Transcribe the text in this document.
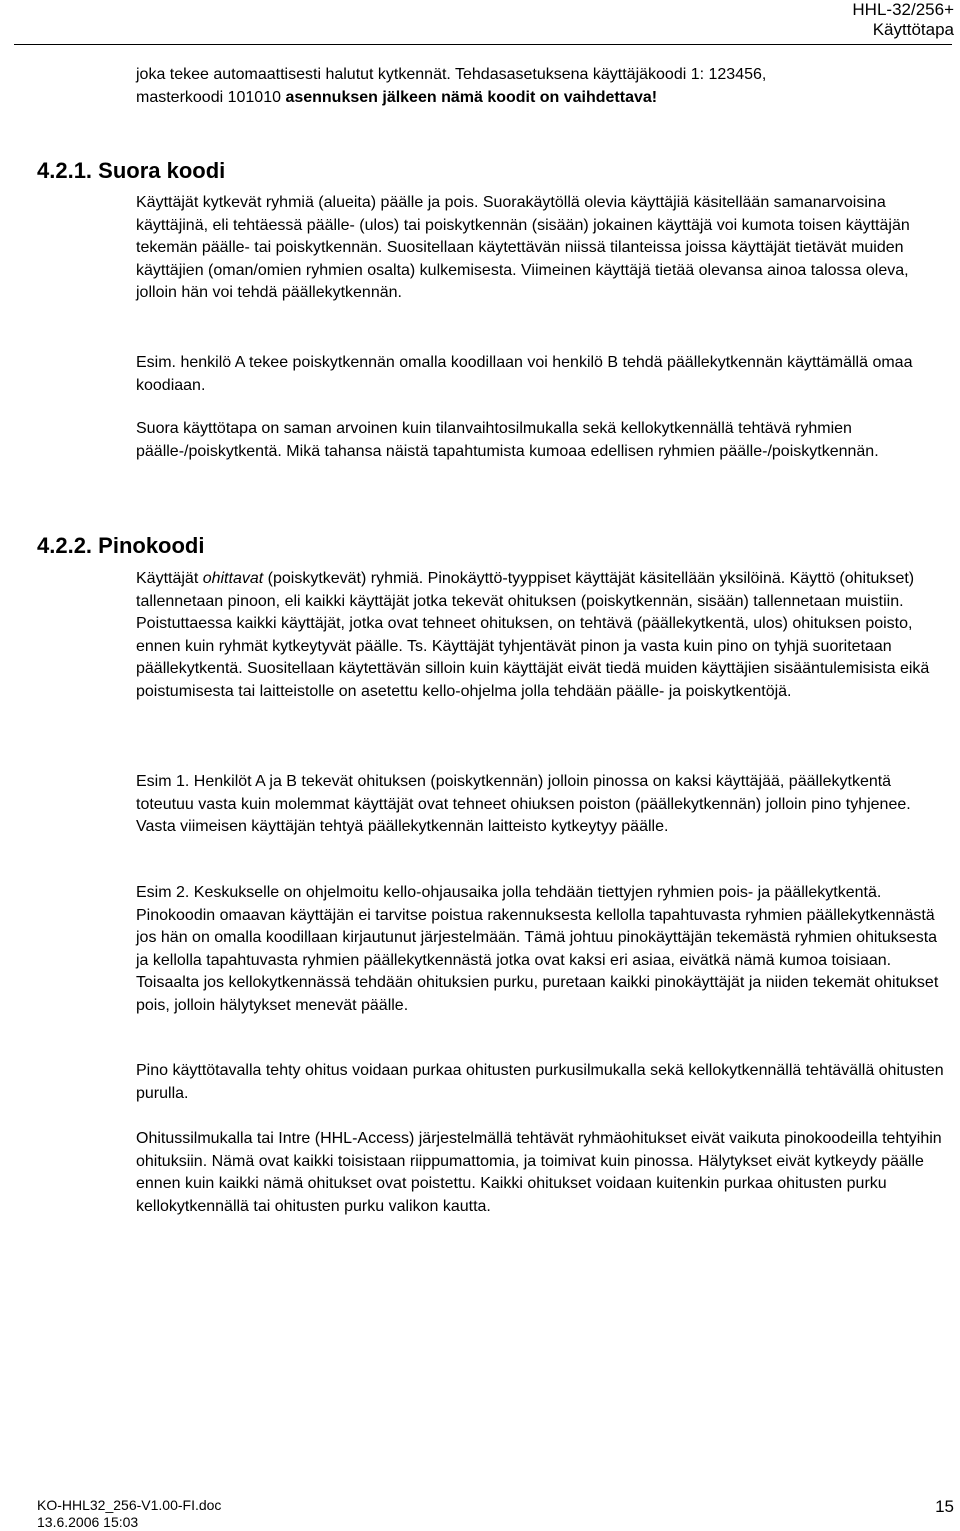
HHL-32/256+
Käyttötapa
joka tekee automaattisesti halutut kytkennät. Tehdasasetuksena käyttäjäkoodi 1: 123456,
masterkoodi 101010 asennuksen jälkeen nämä koodit on vaihdettava!
4.2.1. Suora koodi
Käyttäjät kytkevät ryhmiä (alueita) päälle ja pois. Suorakäytöllä olevia käyttäjiä käsitellään samanarvoisina käyttäjinä, eli tehtäessä päälle- (ulos) tai poiskytkennän (sisään) jokainen käyttäjä voi kumota toisen käyttäjän tekemän päälle- tai poiskytkennän. Suositellaan käytettävän niissä tilanteissa joissa käyttäjät tietävät muiden käyttäjien (oman/omien ryhmien osalta) kulkemisesta. Viimeinen käyttäjä tietää olevansa ainoa talossa oleva, jolloin hän voi tehdä päällekytkennän.
Esim. henkilö A tekee poiskytkennän omalla koodillaan voi henkilö B tehdä päällekytkennän käyttämällä omaa koodiaan.
Suora käyttötapa on saman arvoinen kuin tilanvaihtosilmukalla sekä kellokytkennällä tehtävä ryhmien päälle-/poiskytkentä. Mikä tahansa näistä tapahtumista kumoaa edellisen ryhmien päälle-/poiskytkennän.
4.2.2. Pinokoodi
Käyttäjät ohittavat (poiskytkevät) ryhmiä. Pinokäyttö-tyyppiset käyttäjät käsitellään yksilöinä. Käyttö (ohitukset) tallennetaan pinoon, eli kaikki käyttäjät jotka tekevät ohituksen (poiskytkennän, sisään) tallennetaan muistiin. Poistuttaessa kaikki käyttäjät, jotka ovat tehneet ohituksen, on tehtävä (päällekytkentä, ulos) ohituksen poisto, ennen kuin ryhmät kytkeytyvät päälle. Ts. Käyttäjät tyhjentävät pinon ja vasta kuin pino on tyhjä suoritetaan päällekytkentä. Suositellaan käytettävän silloin kuin käyttäjät eivät tiedä muiden käyttäjien sisääntulemisista eikä poistumisesta tai laitteistolle on asetettu kello-ohjelma jolla tehdään päälle- ja poiskytkentöjä.
Esim 1. Henkilöt A ja B tekevät ohituksen (poiskytkennän) jolloin pinossa on kaksi käyttäjää, päällekytkentä toteutuu vasta kuin molemmat käyttäjät ovat tehneet ohiuksen poiston (päällekytkennän) jolloin pino tyhjenee. Vasta viimeisen käyttäjän tehtyä päällekytkennän laitteisto kytkeytyy päälle.
Esim 2. Keskukselle on ohjelmoitu kello-ohjausaika jolla tehdään tiettyjen ryhmien pois- ja päällekytkentä. Pinokoodin omaavan käyttäjän ei tarvitse poistua rakennuksesta kellolla tapahtuvasta ryhmien päällekytkennästä jos hän on omalla koodillaan kirjautunut järjestelmään. Tämä johtuu pinokäyttäjän tekemästä ryhmien ohituksesta ja kellolla tapahtuvasta ryhmien päällekytkennästä jotka ovat kaksi eri asiaa, eivätkä nämä kumoa toisiaan. Toisaalta jos kellokytkennässä tehdään ohituksien purku, puretaan kaikki pinokäyttäjät ja niiden tekemät ohitukset pois, jolloin hälytykset menevät päälle.
Pino käyttötavalla tehty ohitus voidaan purkaa ohitusten purkusilmukalla sekä kellokytkennällä tehtävällä ohitusten purulla.
Ohitussilmukalla tai Intre (HHL-Access) järjestelmällä tehtävät ryhmäohitukset eivät vaikuta pinokoodeilla tehtyihin ohituksiin. Nämä ovat kaikki toisistaan riippumattomia, ja toimivat kuin pinossa. Hälytykset eivät kytkeydy päälle ennen kuin kaikki nämä ohitukset ovat poistettu. Kaikki ohitukset voidaan kuitenkin purkaa ohitusten purku kellokytkennällä tai ohitusten purku valikon kautta.
KO-HHL32_256-V1.00-FI.doc
13.6.2006 15:03
15
